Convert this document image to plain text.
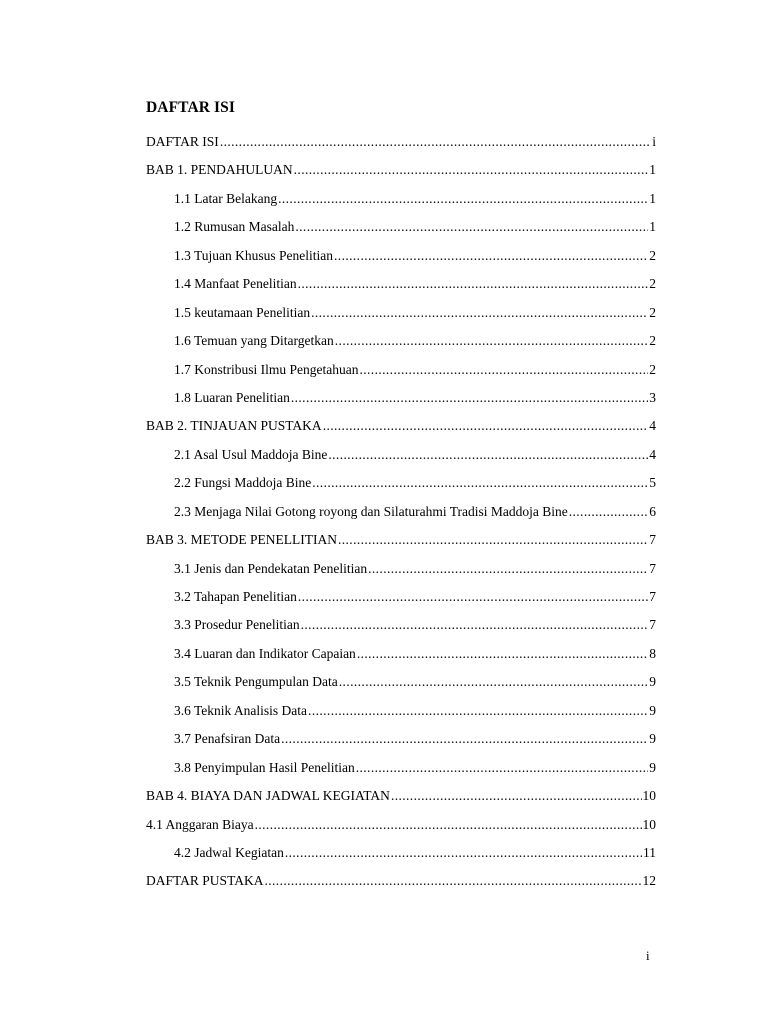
DAFTAR ISI
DAFTAR ISI .....	i
BAB 1. PENDAHULUAN .....	1
1.1 Latar Belakang .....	1
1.2 Rumusan Masalah .....	1
1.3 Tujuan Khusus Penelitian .....	2
1.4 Manfaat Penelitian .....	2
1.5 keutamaan Penelitian .....	2
1.6 Temuan yang Ditargetkan .....	2
1.7 Konstribusi Ilmu Pengetahuan .....	2
1.8 Luaran Penelitian .....	3
BAB 2. TINJAUAN PUSTAKA .....	4
2.1 Asal Usul Maddoja Bine .....	4
2.2 Fungsi Maddoja Bine .....	5
2.3 Menjaga Nilai Gotong royong dan Silaturahmi Tradisi Maddoja Bine .....	6
BAB 3. METODE PENELLITIAN .....	7
3.1 Jenis dan Pendekatan Penelitian .....	7
3.2 Tahapan Penelitian .....	7
3.3 Prosedur Penelitian .....	7
3.4 Luaran dan Indikator Capaian .....	8
3.5 Teknik Pengumpulan Data .....	9
3.6 Teknik Analisis Data .....	9
3.7 Penafsiran Data .....	9
3.8 Penyimpulan Hasil Penelitian .....	9
BAB 4. BIAYA DAN JADWAL KEGIATAN .....	10
4.1 Anggaran Biaya .....	10
4.2 Jadwal Kegiatan .....	11
DAFTAR PUSTAKA .....	12
i
